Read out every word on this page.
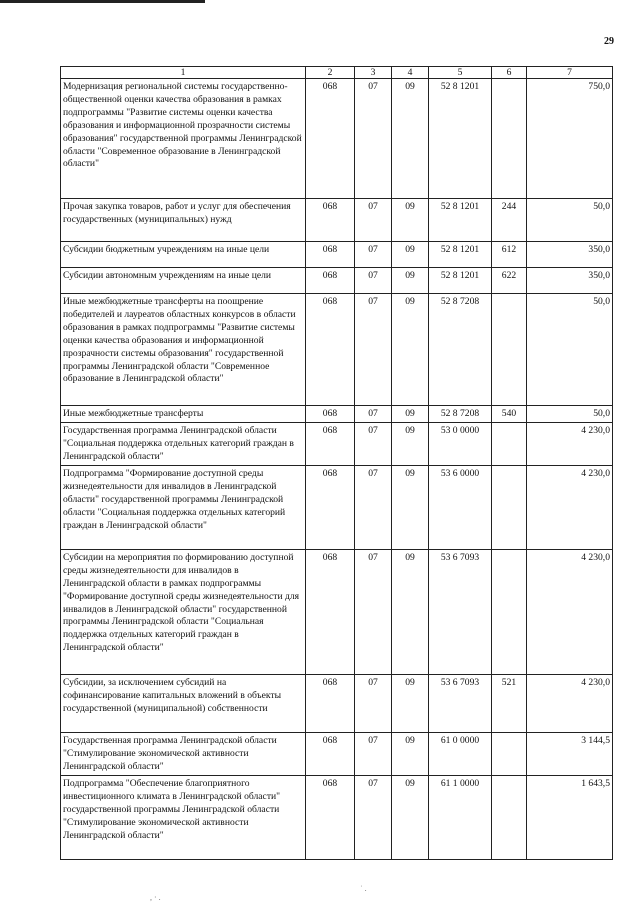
29
1	2	3	4	5	6	7
Модернизация региональной системы государственно-общественной оценки качества образования в рамках подпрограммы "Развитие системы оценки качества образования и информационной прозрачности системы образования" государственной программы Ленинградской области "Современное образование в Ленинградской области"	068	07	09	52 8 1201		750,0
Прочая закупка товаров, работ и услуг для обеспечения государственных (муниципальных) нужд	068	07	09	52 8 1201	244	50,0
Субсидии бюджетным учреждениям на иные цели	068	07	09	52 8 1201	612	350,0
Субсидии автономным учреждениям на иные цели	068	07	09	52 8 1201	622	350,0
Иные межбюджетные трансферты на поощрение победителей и лауреатов областных конкурсов в области образования в рамках подпрограммы "Развитие системы оценки качества образования и информационной прозрачности системы образования" государственной программы Ленинградской области "Современное образование в Ленинградской области"	068	07	09	52 8 7208		50,0
Иные межбюджетные трансферты	068	07	09	52 8 7208	540	50,0
Государственная программа Ленинградской области "Социальная поддержка отдельных категорий граждан в Ленинградской области"	068	07	09	53 0 0000		4 230,0
Подпрограмма "Формирование доступной среды жизнедеятельности для инвалидов в Ленинградской области" государственной программы Ленинградской области "Социальная поддержка отдельных категорий граждан в Ленинградской области"	068	07	09	53 6 0000		4 230,0
Субсидии на мероприятия по формированию доступной среды жизнедеятельности для инвалидов в Ленинградской области в рамках подпрограммы "Формирование доступной среды жизнедеятельности для инвалидов в Ленинградской области" государственной программы Ленинградской области "Социальная поддержка отдельных категорий граждан в Ленинградской области"	068	07	09	53 6 7093		4 230,0
Субсидии, за исключением субсидий на софинансирование капитальных вложений в объекты государственной (муниципальной) собственности	068	07	09	53 6 7093	521	4 230,0
Государственная программа Ленинградской области "Стимулирование экономической активности Ленинградской области"	068	07	09	61 0 0000		3 144,5
Подпрограмма "Обеспечение благоприятного инвестиционного климата в Ленинградской области" государственной программы Ленинградской области "Стимулирование экономической активности Ленинградской области"	068	07	09	61 1 0000		1 643,5
˙ .
, · .
